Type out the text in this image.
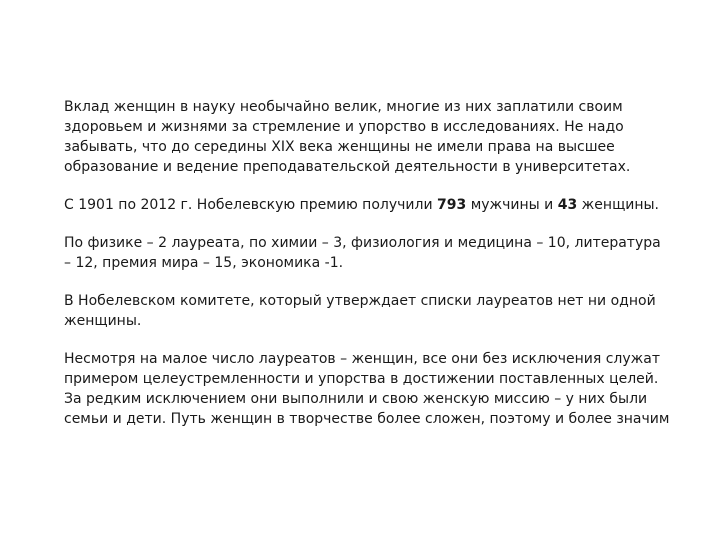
Вклад женщин в науку необычайно велик, многие из них заплатили своим
здоровьем и жизнями за стремление и упорство в исследованиях. Не надо
забывать, что до середины XIX века женщины не имели права на высшее
образование и ведение преподавательской деятельности в университетах.

С 1901 по 2012 г. Нобелевскую премию получили 793 мужчины и 43 женщины.

По физике – 2 лауреата, по химии – 3, физиология и медицина – 10, литература
– 12, премия мира – 15, экономика -1.

В Нобелевском комитете, который утверждает списки лауреатов нет ни одной
женщины.

Несмотря на малое число лауреатов – женщин, все они без исключения служат
примером целеустремленности и упорства в достижении поставленных целей.
За редким исключением они выполнили и свою женскую миссию – у них были
семьи и дети. Путь женщин в творчестве более сложен, поэтому и более значим
